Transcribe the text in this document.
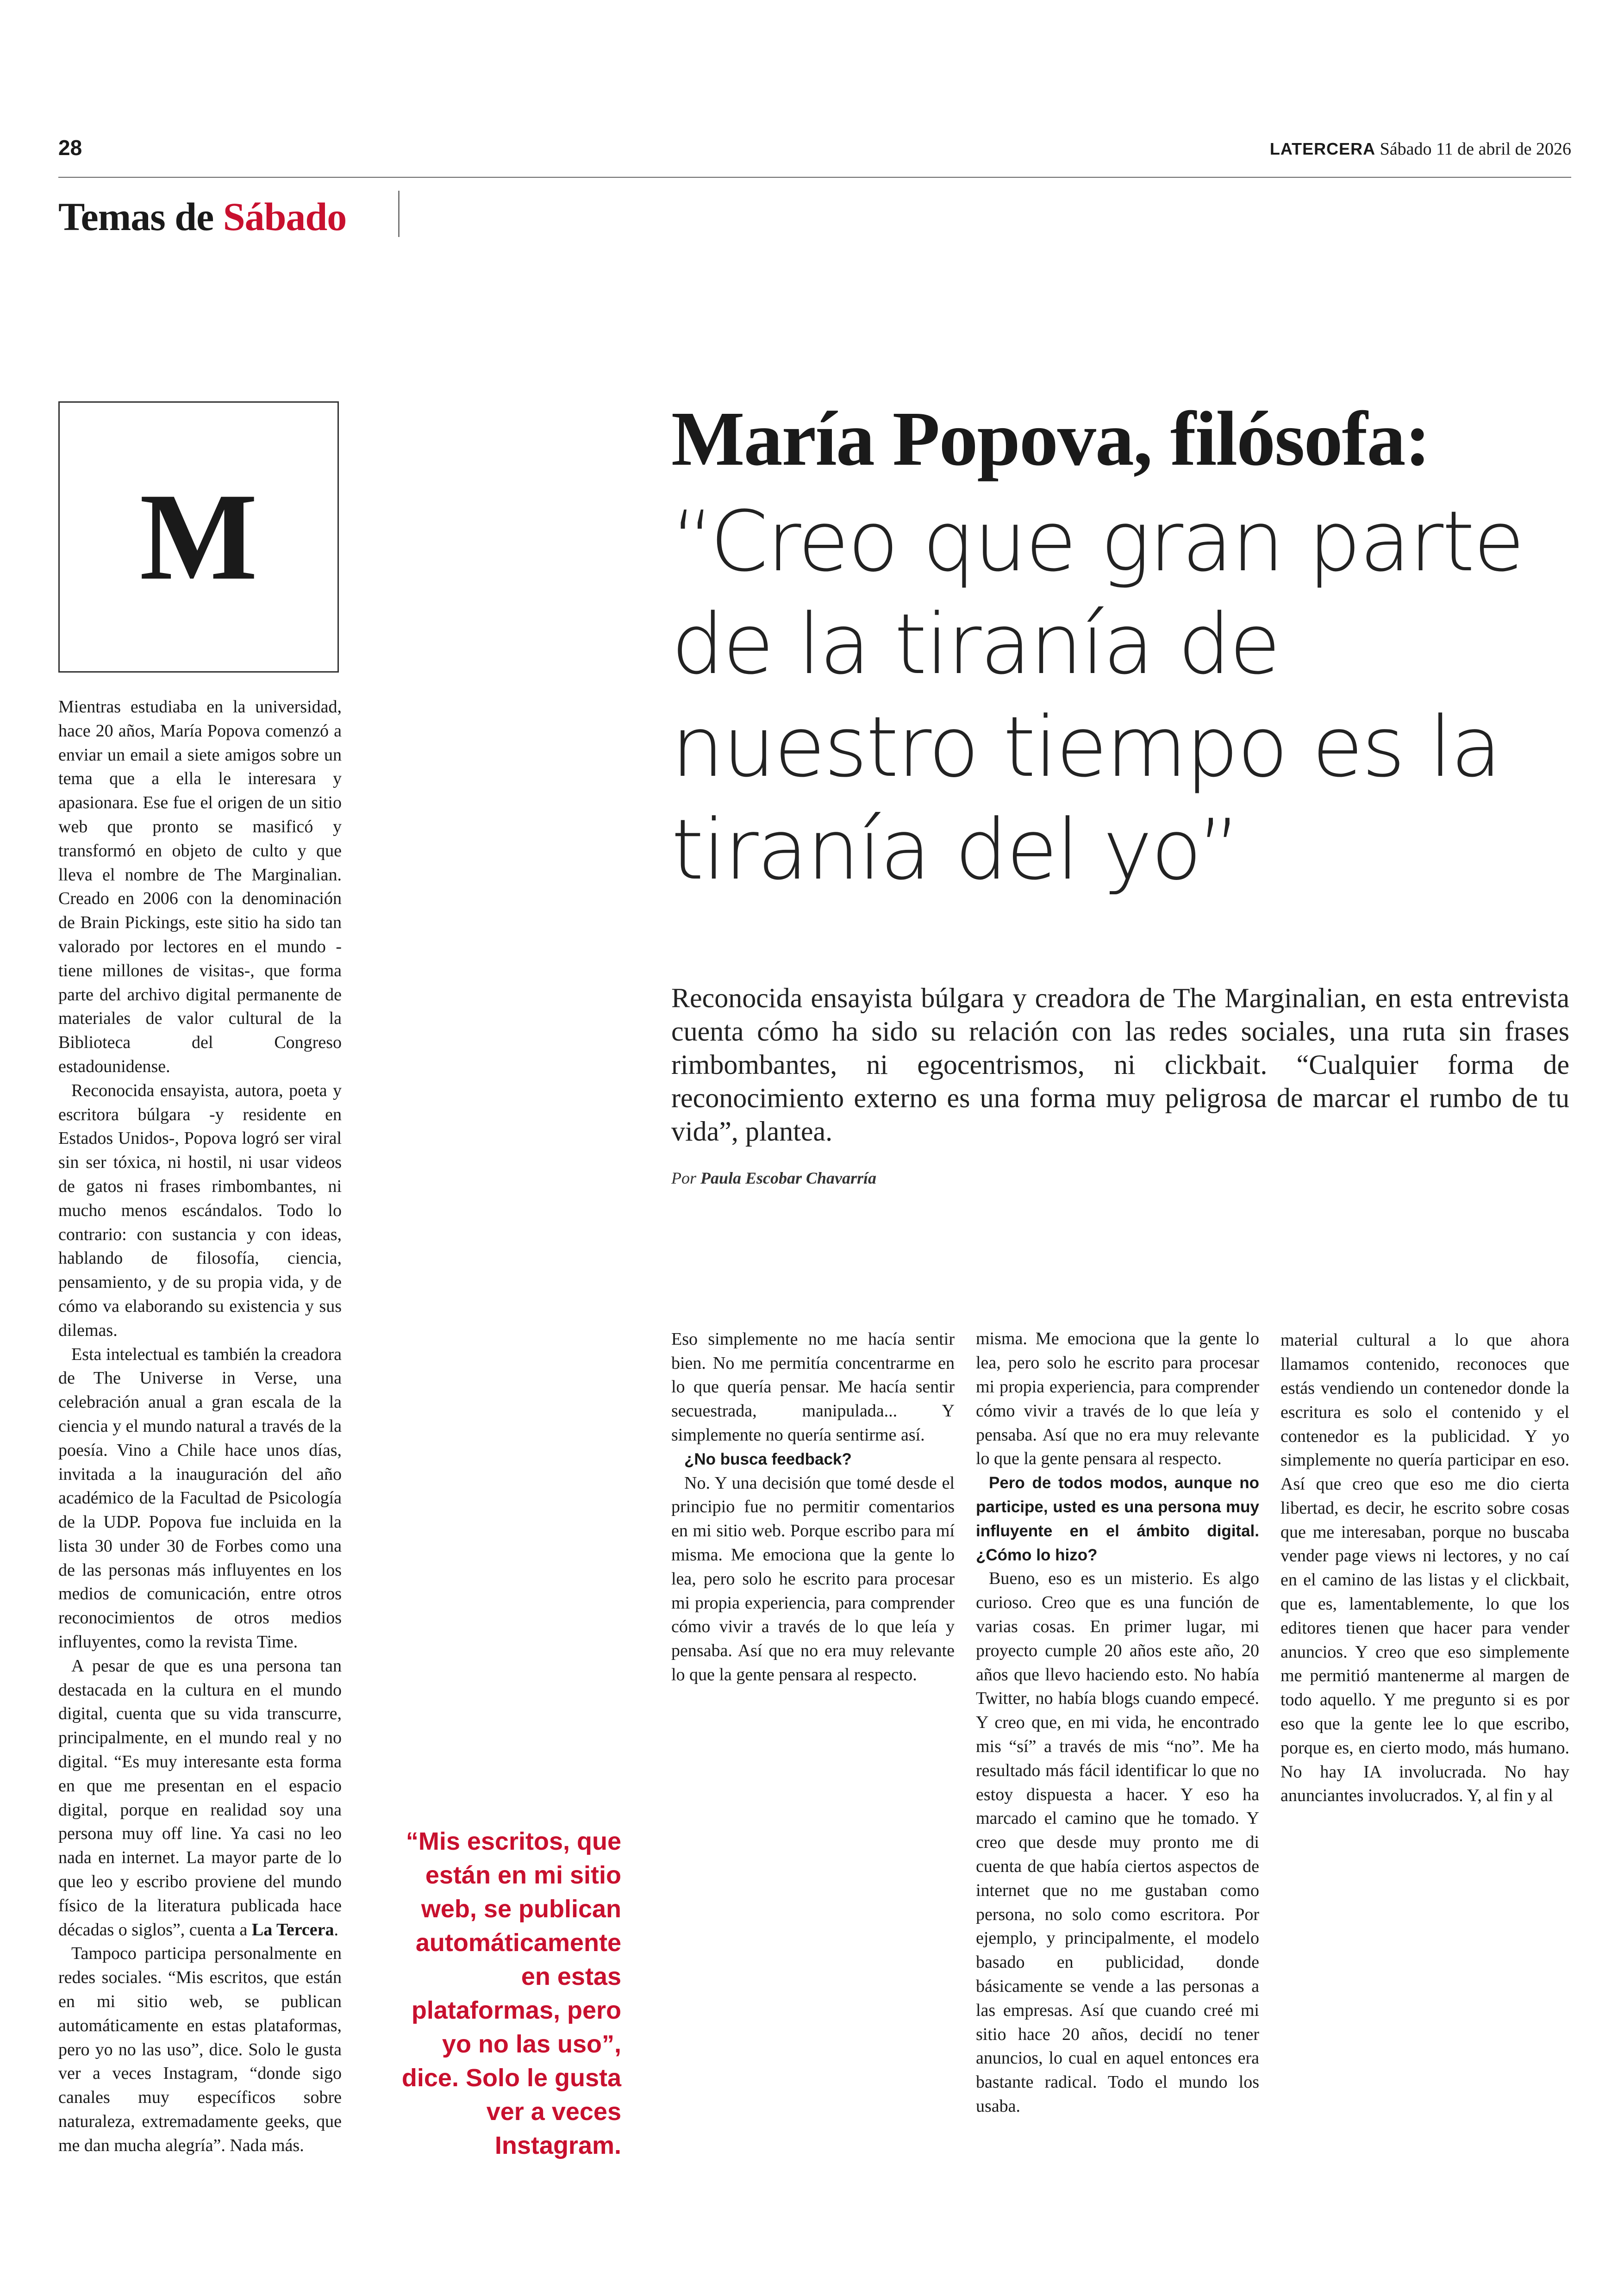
28	LATERCERA Sábado 11 de abril de 2026
Temas de Sábado
M
María Popova, filósofa:
“Creo que gran parte de la tiranía de nuestro tiempo es la tiranía del yo”
Reconocida ensayista búlgara y creadora de The Marginalian, en esta entrevista cuenta cómo ha sido su relación con las redes sociales, una ruta sin frases rimbombantes, ni egocentrismos, ni clickbait. “Cualquier forma de reconocimiento externo es una forma muy peligrosa de marcar el rumbo de tu vida”, plantea.
Por Paula Escobar Chavarría
“Mis escritos, que están en mi sitio web, se publican automáticamente en estas plataformas, pero yo no las uso”, dice. Solo le gusta ver a veces Instagram.

Mientras estudiaba en la universidad, hace 20 años, María Popova comenzó a enviar un email a siete amigos sobre un tema que a ella le interesara y apasionara. Ese fue el origen de un sitio web que pronto se masificó y transformó en objeto de culto y que lleva el nombre de The Marginalian. Creado en 2006 con la denominación de Brain Pickings, este sitio ha sido tan valorado por lectores en el mundo -tiene millones de visitas-, que forma parte del archivo digital permanente de materiales de valor cultural de la Biblioteca del Congreso estadounidense.

Reconocida ensayista, autora, poeta y escritora búlgara -y residente en Estados Unidos-, Popova logró ser viral sin ser tóxica, ni hostil, ni usar videos de gatos ni frases rimbombantes, ni mucho menos escándalos. Todo lo contrario: con sustancia y con ideas, hablando de filosofía, ciencia, pensamiento, y de su propia vida, y de cómo va elaborando su existencia y sus dilemas.

Esta intelectual es también la creadora de The Universe in Verse, una celebración anual a gran escala de la ciencia y el mundo natural a través de la poesía. Vino a Chile hace unos días, invitada a la inauguración del año académico de la Facultad de Psicología de la UDP. Popova fue incluida en la lista 30 under 30 de Forbes como una de las personas más influyentes en los medios de comunicación, entre otros reconocimientos de otros medios influyentes, como la revista Time.

A pesar de que es una persona tan destacada en la cultura en el mundo digital, cuenta que su vida transcurre, principalmente, en el mundo real y no digital. “Es muy interesante esta forma en que me presentan en el espacio digital, porque en realidad soy una persona muy off line. Ya casi no leo nada en internet. La mayor parte de lo que leo y escribo proviene del mundo físico de la literatura publicada hace décadas o siglos”, cuenta a La Tercera.

Tampoco participa personalmente en redes sociales. “Mis escritos, que están en mi sitio web, se publican automáticamente en estas plataformas, pero yo no las uso”, dice. Solo le gusta ver a veces Instagram, “donde sigo canales muy específicos sobre naturaleza, extremadamente geeks, que me dan mucha alegría”. Nada más.

Eso simplemente no me hacía sentir bien. No me permitía concentrarme en lo que quería pensar. Me hacía sentir secuestrada, manipulada... Y simplemente no quería sentirme así.

¿No busca feedback?

No. Y una decisión que tomé desde el principio fue no permitir comentarios en mi sitio web. Porque escribo para mí misma. Me emociona que la gente lo lea, pero solo he escrito para procesar mi propia experiencia, para comprender cómo vivir a través de lo que leía y pensaba. Así que no era muy relevante lo que la gente pensara al respecto.

misma. Me emociona que la gente lo lea, pero solo he escrito para procesar mi propia experiencia, para comprender cómo vivir a través de lo que leía y pensaba. Así que no era muy relevante lo que la gente pensara al respecto.

Pero de todos modos, aunque no participe, usted es una persona muy influyente en el ámbito digital. ¿Cómo lo hizo?

Bueno, eso es un misterio. Es algo curioso. Creo que es una función de varias cosas. En primer lugar, mi proyecto cumple 20 años este año, 20 años que llevo haciendo esto. No había Twitter, no había blogs cuando empecé. Y creo que, en mi vida, he encontrado mis “sí” a través de mis “no”. Me ha resultado más fácil identificar lo que no estoy dispuesta a hacer. Y eso ha marcado el camino que he tomado. Y creo que desde muy pronto me di cuenta de que había ciertos aspectos de internet que no me gustaban como persona, no solo como escritora. Por ejemplo, y principalmente, el modelo basado en publicidad, donde básicamente se vende a las personas a las empresas. Así que cuando creé mi sitio hace 20 años, decidí no tener anuncios, lo cual en aquel entonces era bastante radical. Todo el mundo los usaba.

material cultural a lo que ahora llamamos contenido, reconoces que estás vendiendo un contenedor donde la escritura es solo el contenido y el contenedor es la publicidad. Y yo simplemente no quería participar en eso. Así que creo que eso me dio cierta libertad, es decir, he escrito sobre cosas que me interesaban, porque no buscaba vender page views ni lectores, y no caí en el camino de las listas y el clickbait, que es, lamentablemente, lo que los editores tienen que hacer para vender anuncios. Y creo que eso simplemente me permitió mantenerme al margen de todo aquello. Y me pregunto si es por eso que la gente lee lo que escribo, porque es, en cierto modo, más humano. No hay IA involucrada. No hay anunciantes involucrados. Y, al fin y al
